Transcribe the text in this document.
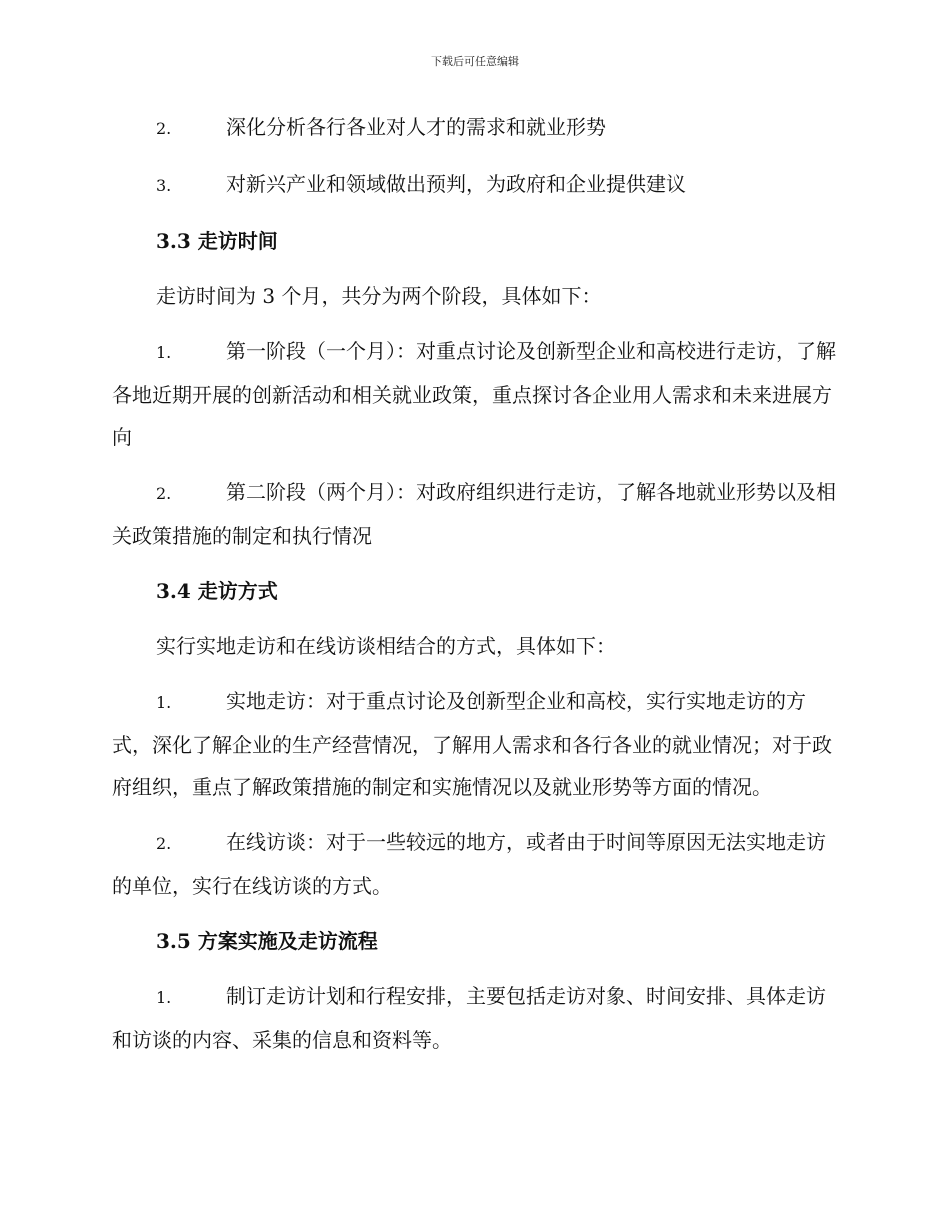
下载后可任意编辑
2.	深化分析各行各业对人才的需求和就业形势
3.	对新兴产业和领域做出预判，为政府和企业提供建议
3.3 走访时间
走访时间为 3 个月，共分为两个阶段，具体如下：
1.	第一阶段（一个月）：对重点讨论及创新型企业和高校进行走访，了解各地近期开展的创新活动和相关就业政策，重点探讨各企业用人需求和未来进展方向
2.	第二阶段（两个月）：对政府组织进行走访，了解各地就业形势以及相关政策措施的制定和执行情况
3.4 走访方式
实行实地走访和在线访谈相结合的方式，具体如下：
1.	实地走访：对于重点讨论及创新型企业和高校，实行实地走访的方式，深化了解企业的生产经营情况，了解用人需求和各行各业的就业情况；对于政府组织，重点了解政策措施的制定和实施情况以及就业形势等方面的情况。
2.	在线访谈：对于一些较远的地方，或者由于时间等原因无法实地走访的单位，实行在线访谈的方式。
3.5 方案实施及走访流程
1.	制订走访计划和行程安排，主要包括走访对象、时间安排、具体走访和访谈的内容、采集的信息和资料等。
